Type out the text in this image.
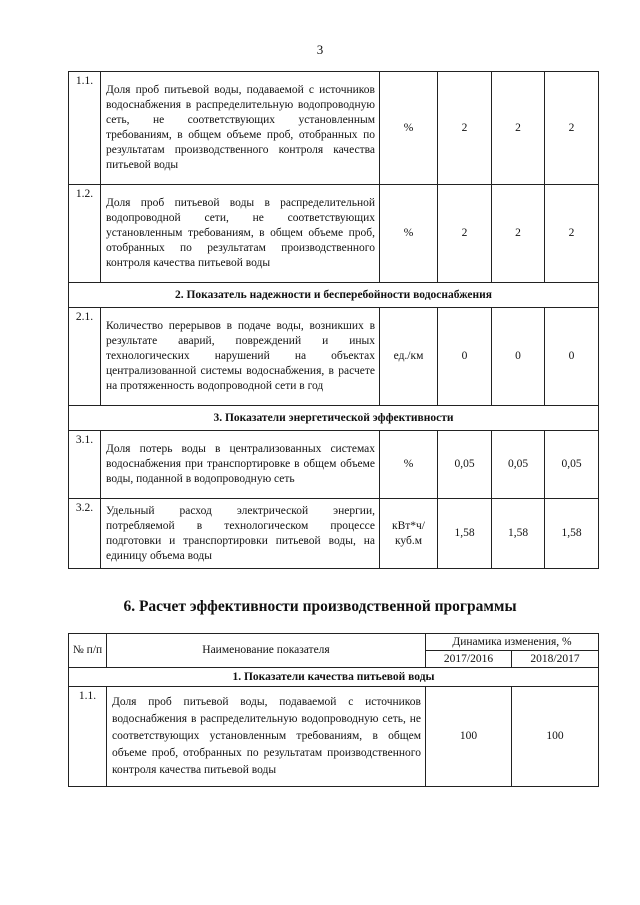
3
1.1.	Доля проб питьевой воды, подаваемой с источников водоснабжения в распределительную водопроводную сеть, не соответствующих установленным требованиям, в общем объеме проб, отобранных по результатам производственного контроля качества питьевой воды	%	2	2	2
1.2.	Доля проб питьевой воды в распределительной водопроводной сети, не соответствующих установленным требованиям, в общем объеме проб, отобранных по результатам производственного контроля качества питьевой воды	%	2	2	2
2. Показатель надежности и бесперебойности водоснабжения					
2.1.	Количество перерывов в подаче воды, возникших в результате аварий, повреждений и иных технологических нарушений на объектах централизованной системы водоснабжения, в расчете на протяженность водопроводной сети в год	ед./км	0	0	0
3. Показатели энергетической эффективности					
3.1.	Доля потерь воды в централизованных системах водоснабжения при транспортировке в общем объеме воды, поданной в водопроводную сеть	%	0,05	0,05	0,05
3.2.	Удельный расход электрической энергии, потребляемой в технологическом процессе подготовки и транспортировки питьевой воды, на единицу объема воды	кВт*ч/ куб.м	1,58	1,58	1,58
6. Расчет эффективности производственной программы
№ п/п	Наименование показателя	Динамика изменения, %	
		2017/2016	2018/2017
1. Показатели качества питьевой воды			
1.1.	Доля проб питьевой воды, подаваемой с источников водоснабжения в распределительную водопроводную сеть, не соответствующих установленным требованиям, в общем объеме проб, отобранных по результатам производственного контроля качества питьевой воды	100	100
